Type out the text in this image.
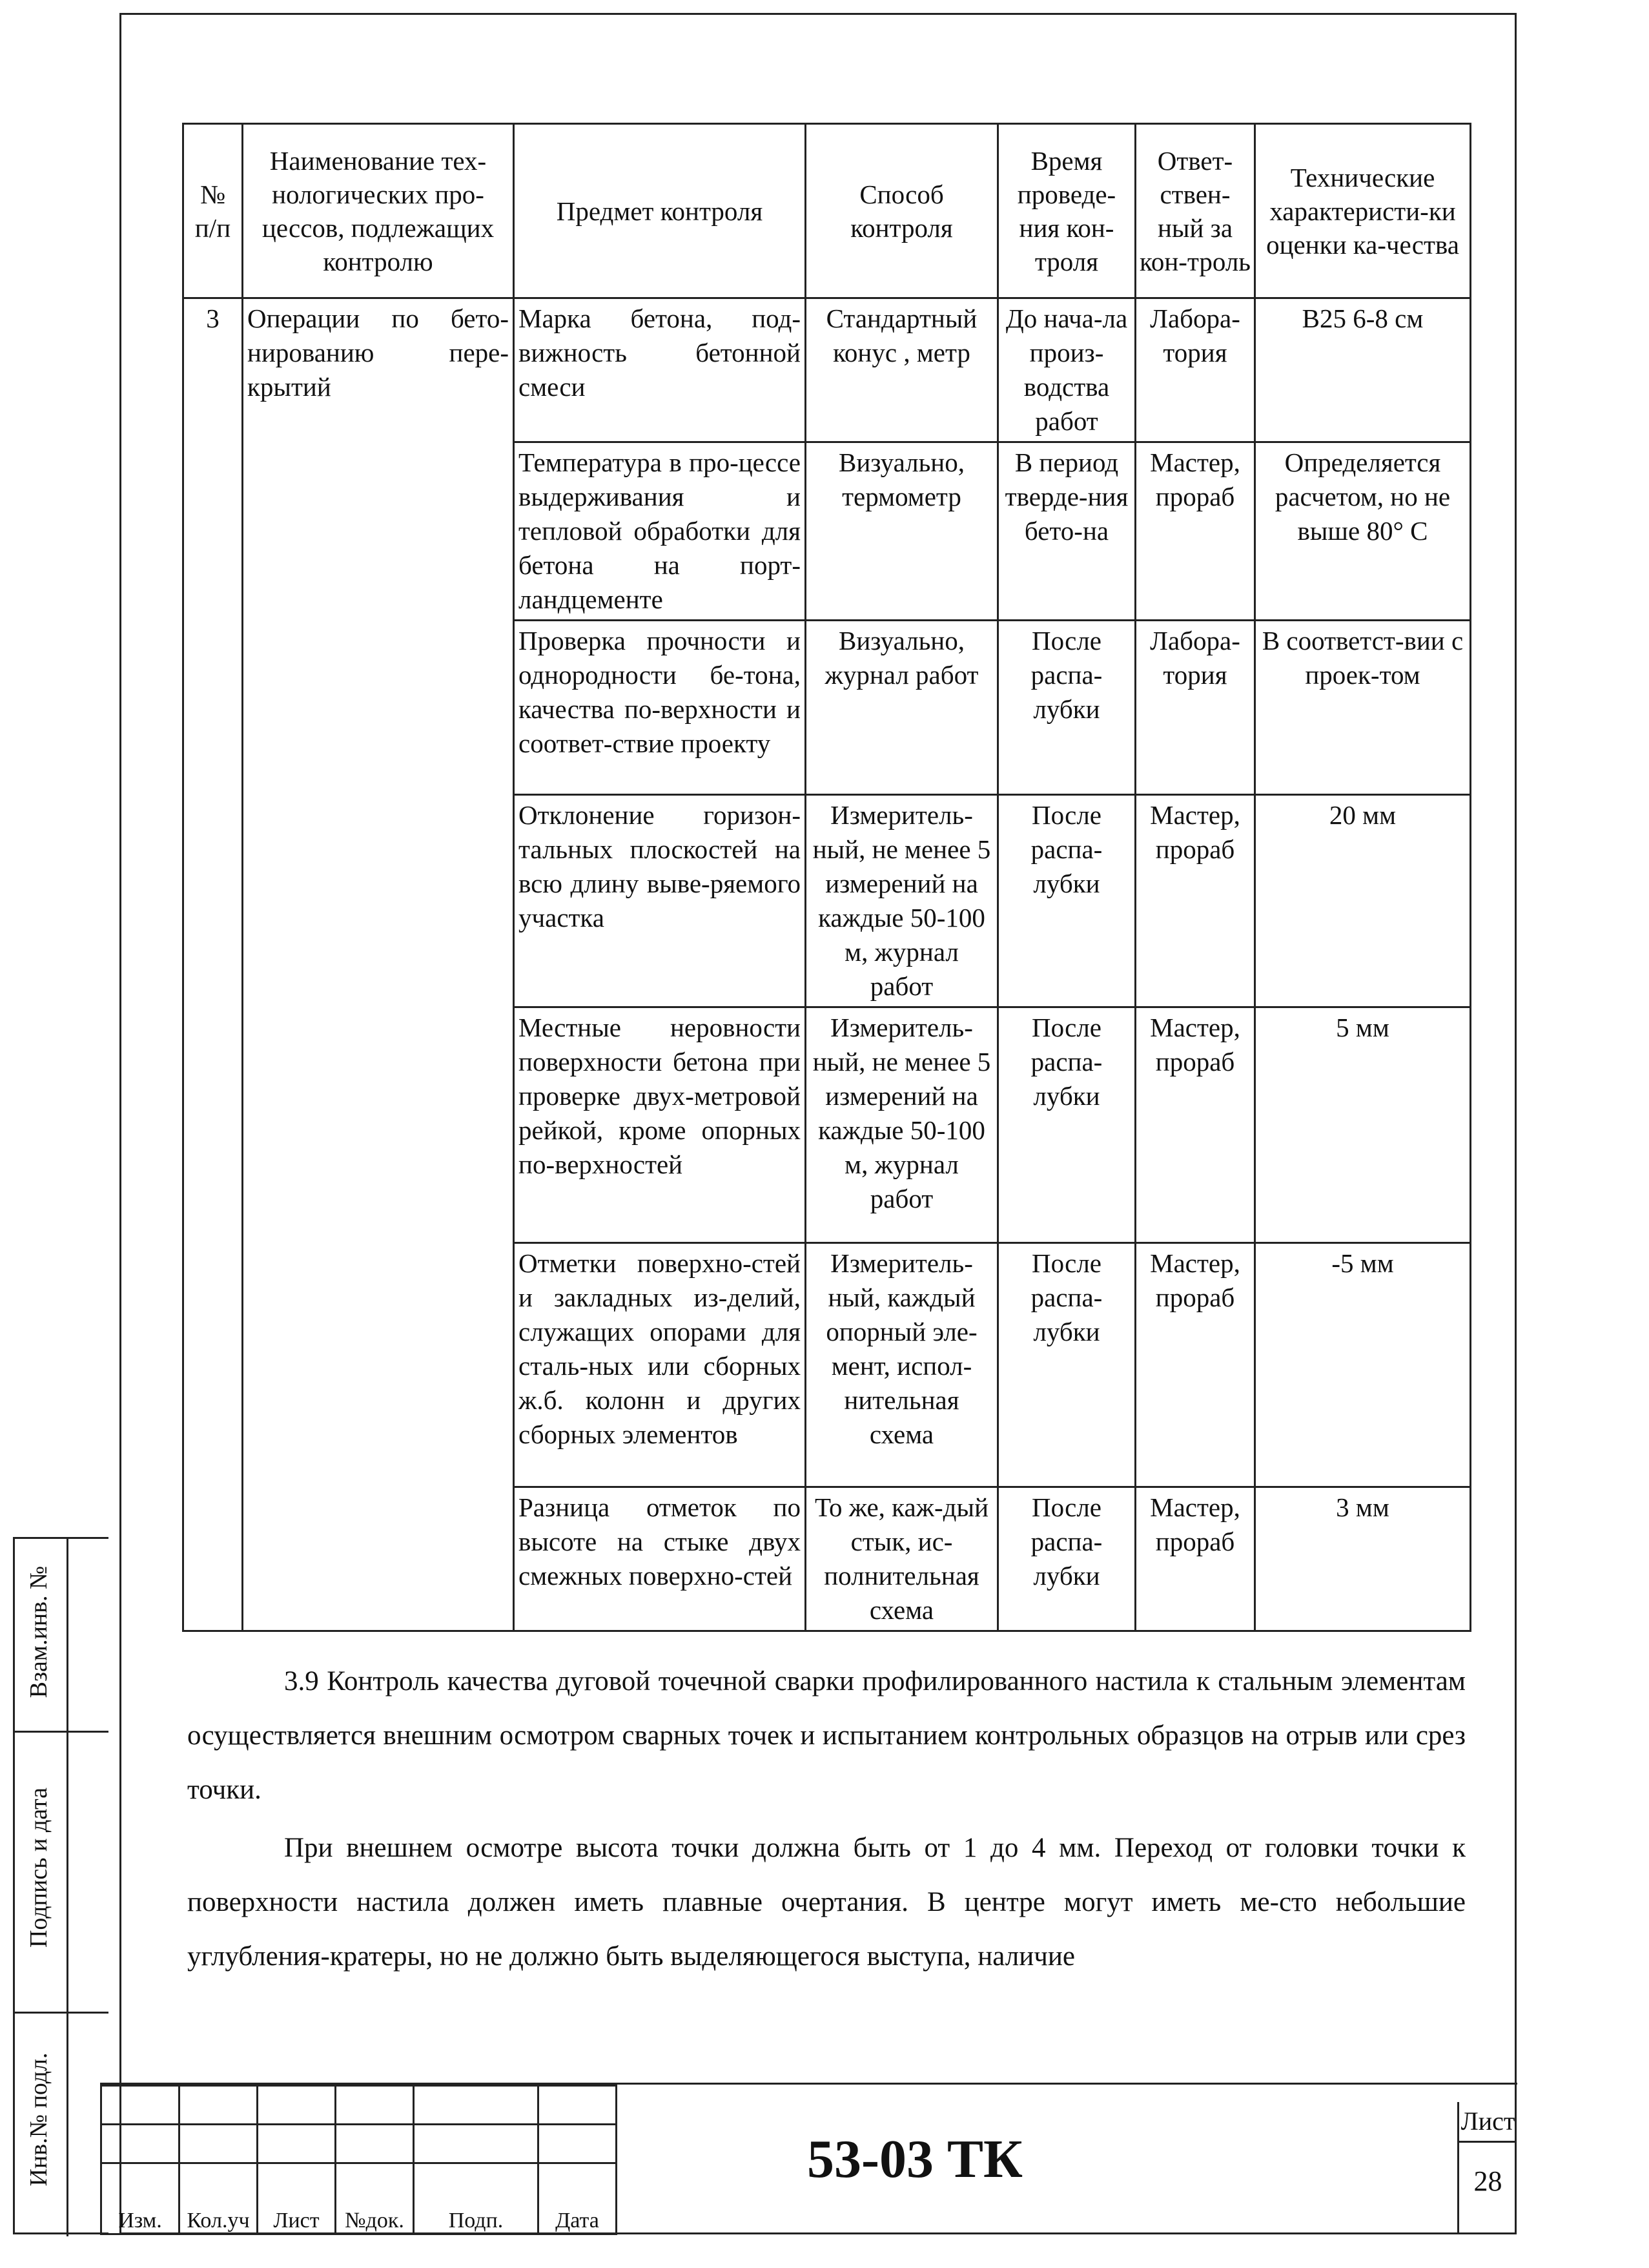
№ п/п	Наименование тех-нологических про-цессов, подлежащих контролю	Предмет контроля	Способ контроля	Время проведе-ния кон-троля	Ответ-ствен-ный за кон-троль	Технические характеристи-ки оценки ка-чества
3	Операции по бето-нированию пере-крытий	Марка бетона, под-вижность бетонной смеси	Стандартный конус , метр	До нача-ла произ-водства работ	Лабора-тория	В25 6-8 см
		Температура в про-цессе выдерживания и тепловой обработки для бетона на порт-ландцементе	Визуально, термометр	В период тверде-ния бето-на	Мастер, прораб	Определяется расчетом, но не выше 80° С
		Проверка прочности и однородности бе-тона, качества по-верхности и соответ-ствие проекту	Визуально, журнал работ	После распа-лубки	Лабора-тория	В соответст-вии с проек-том
		Отклонение горизон-тальных плоскостей на всю длину выве-ряемого участка	Измеритель-ный, не менее 5 измерений на каждые 50-100 м, журнал работ	После распа-лубки	Мастер, прораб	20 мм
		Местные неровности поверхности бетона при проверке двух-метровой рейкой, кроме опорных по-верхностей	Измеритель-ный, не менее 5 измерений на каждые 50-100 м, журнал работ	После распа-лубки	Мастер, прораб	5 мм
		Отметки поверхно-стей и закладных из-делий, служащих опорами для сталь-ных или сборных ж.б. колонн и других сборных элементов	Измеритель-ный, каждый опорный эле-мент, испол-нительная схема	После распа-лубки	Мастер, прораб	-5 мм
		Разница отметок по высоте на стыке двух смежных поверхно-стей	То же, каж-дый стык, ис-полнительная схема	После распа-лубки	Мастер, прораб	3 мм
3.9 Контроль качества дуговой точечной сварки профилированного настила к стальным элементам осуществляется внешним осмотром сварных точек и испытанием контрольных образцов на отрыв или срез точки.
При внешнем осмотре высота точки должна быть от 1 до 4 мм. Переход от головки точки к поверхности настила должен иметь плавные очертания. В центре могут иметь ме-сто небольшие углубления-кратеры, но не должно быть выделяющегося выступа, наличие
Взам.инв. №
Подпись и дата
Инв.№ подл.

Изм.	Кол.уч	Лист	№док.	Подп.	Дата
53-03 ТК
Лист
28
